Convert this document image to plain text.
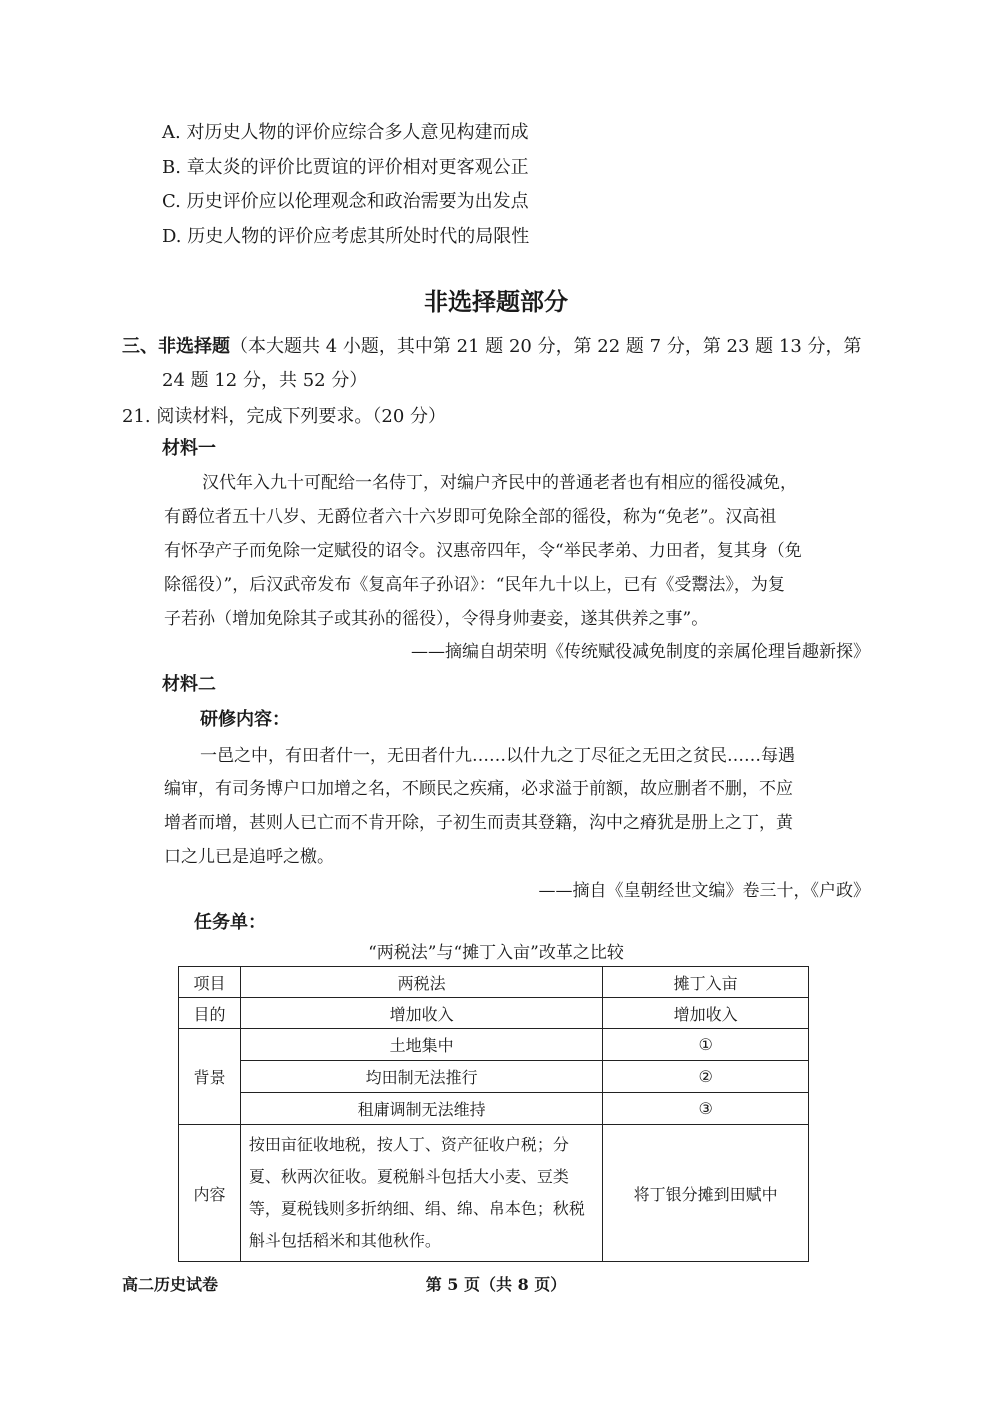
A. 对历史人物的评价应综合多人意见构建而成
B. 章太炎的评价比贾谊的评价相对更客观公正
C. 历史评价应以伦理观念和政治需要为出发点
D. 历史人物的评价应考虑其所处时代的局限性
非选择题部分
三、非选择题（本大题共 4 小题，其中第 21 题 20 分，第 22 题 7 分，第 23 题 13 分，第
24 题 12 分，共 52 分）
21. 阅读材料，完成下列要求。（20 分）
材料一
汉代年入九十可配给一名侍丁，对编户齐民中的普通老者也有相应的徭役减免，
有爵位者五十八岁、无爵位者六十六岁即可免除全部的徭役，称为“免老”。汉高祖
有怀孕产子而免除一定赋役的诏令。汉惠帝四年，令“举民孝弟、力田者，复其身（免
除徭役）”，后汉武帝发布《复高年子孙诏》：“民年九十以上，已有《受鬻法》，为复
子若孙（增加免除其子或其孙的徭役），令得身帅妻妾，遂其供养之事”。
——摘编自胡荣明《传统赋役减免制度的亲属伦理旨趣新探》
材料二
研修内容：
一邑之中，有田者什一，无田者什九……以什九之丁尽征之无田之贫民……每遇
编审，有司务博户口加增之名，不顾民之疾痛，必求溢于前额，故应删者不删，不应
增者而增，甚则人已亡而不肯开除，子初生而责其登籍，沟中之瘠犹是册上之丁，黄
口之儿已是追呼之檄。
——摘自《皇朝经世文编》卷三十，《户政》
任务单：
“两税法”与“摊丁入亩”改革之比较
项目	两税法	摊丁入亩
目的	增加收入	增加收入
背景	土地集中	①
	均田制无法推行	②
	租庸调制无法维持	③
内容	按田亩征收地税，按人丁、资产征收户税；分夏、秋两次征收。夏税斛斗包括大小麦、豆类等，夏税钱则多折纳细、绢、绵、帛本色；秋税斛斗包括稻米和其他秋作。	将丁银分摊到田赋中
高二历史试卷	第 5 页（共 8 页）
